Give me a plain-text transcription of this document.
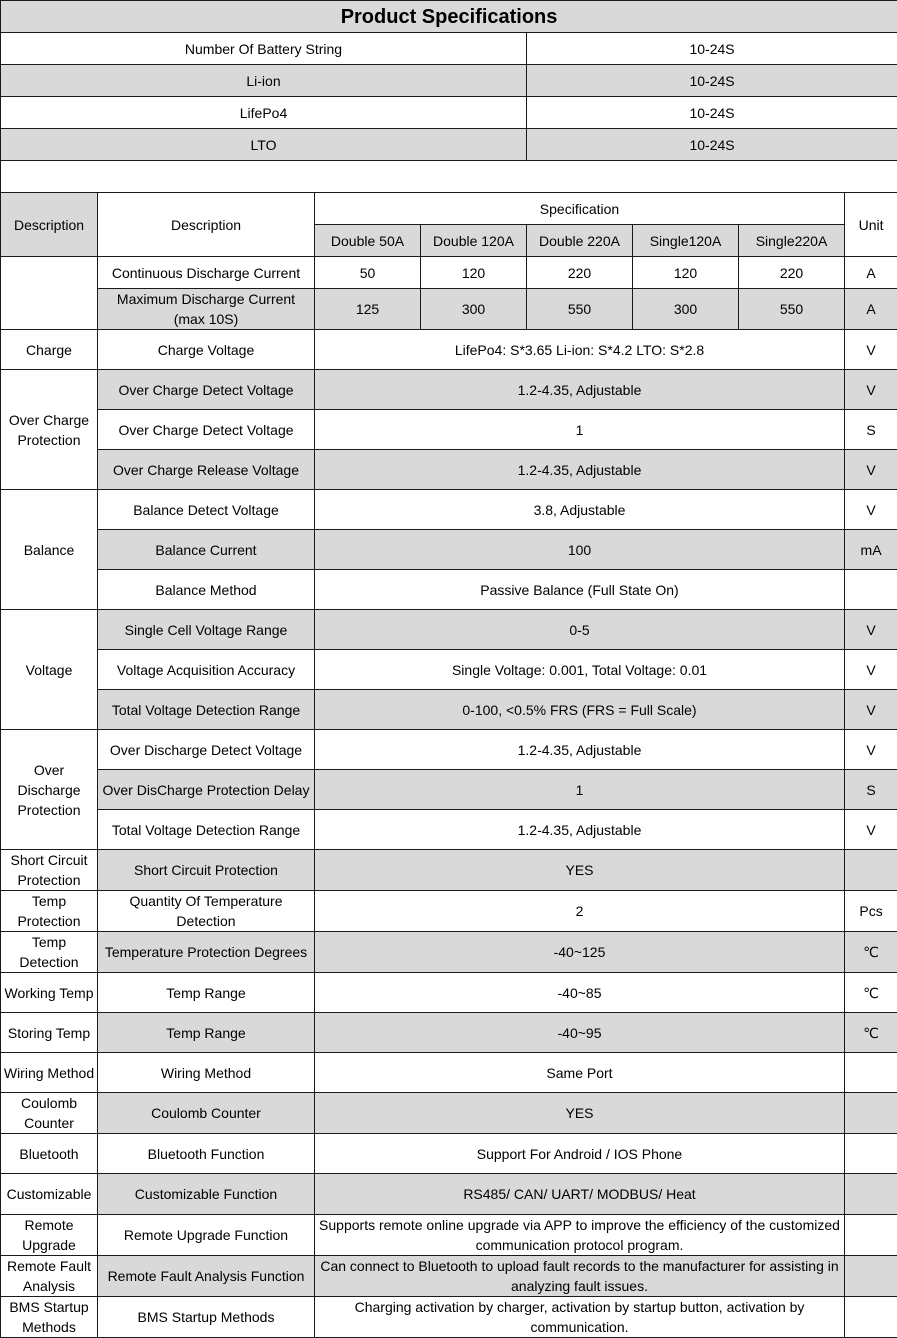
Product Specifications							
Number Of Battery String				10-24S			
Li-ion				10-24S			
LifePo4				10-24S			
LTO				10-24S			

Description	Description	Specification					Unit
		Double 50A	Double 120A	Double 220A	Single120A	Single220A	
	Continuous Discharge Current	50	120	220	120	220	A
	Maximum Discharge Current (max 10S)	125	300	550	300	550	A
Charge	Charge Voltage	LifePo4: S*3.65 Li-ion: S*4.2 LTO: S*2.8					V
Over Charge Protection	Over Charge Detect Voltage	1.2-4.35, Adjustable					V
	Over Charge Detect Voltage	1					S
	Over Charge Release Voltage	1.2-4.35, Adjustable					V
Balance	Balance Detect Voltage	3.8, Adjustable					V
	Balance Current	100					mA
	Balance Method	Passive Balance (Full State On)					
Voltage	Single Cell Voltage Range	0-5					V
	Voltage Acquisition Accuracy	Single Voltage: 0.001, Total Voltage: 0.01					V
	Total Voltage Detection Range	0-100, <0.5% FRS (FRS = Full Scale)					V
Over Discharge Protection	Over Discharge Detect Voltage	1.2-4.35, Adjustable					V
	Over DisCharge Protection Delay	1					S
	Total Voltage Detection Range	1.2-4.35, Adjustable					V
Short Circuit Protection	Short Circuit Protection	YES					
Temp Protection	Quantity Of Temperature Detection	2					Pcs
Temp Detection	Temperature Protection Degrees	-40~125					℃
Working Temp	Temp Range	-40~85					℃
Storing Temp	Temp Range	-40~95					℃
Wiring Method	Wiring Method	Same Port					
Coulomb Counter	Coulomb Counter	YES					
Bluetooth	Bluetooth Function	Support For Android / IOS Phone					
Customizable	Customizable Function	RS485/ CAN/ UART/ MODBUS/ Heat					
Remote Upgrade	Remote Upgrade Function	Supports remote online upgrade via APP to improve the efficiency of the customized communication protocol program.					
Remote Fault Analysis	Remote Fault Analysis Function	Can connect to Bluetooth to upload fault records to the manufacturer for assisting in analyzing fault issues.					
BMS Startup Methods	BMS Startup Methods	Charging activation by charger, activation by startup button, activation by communication.					
